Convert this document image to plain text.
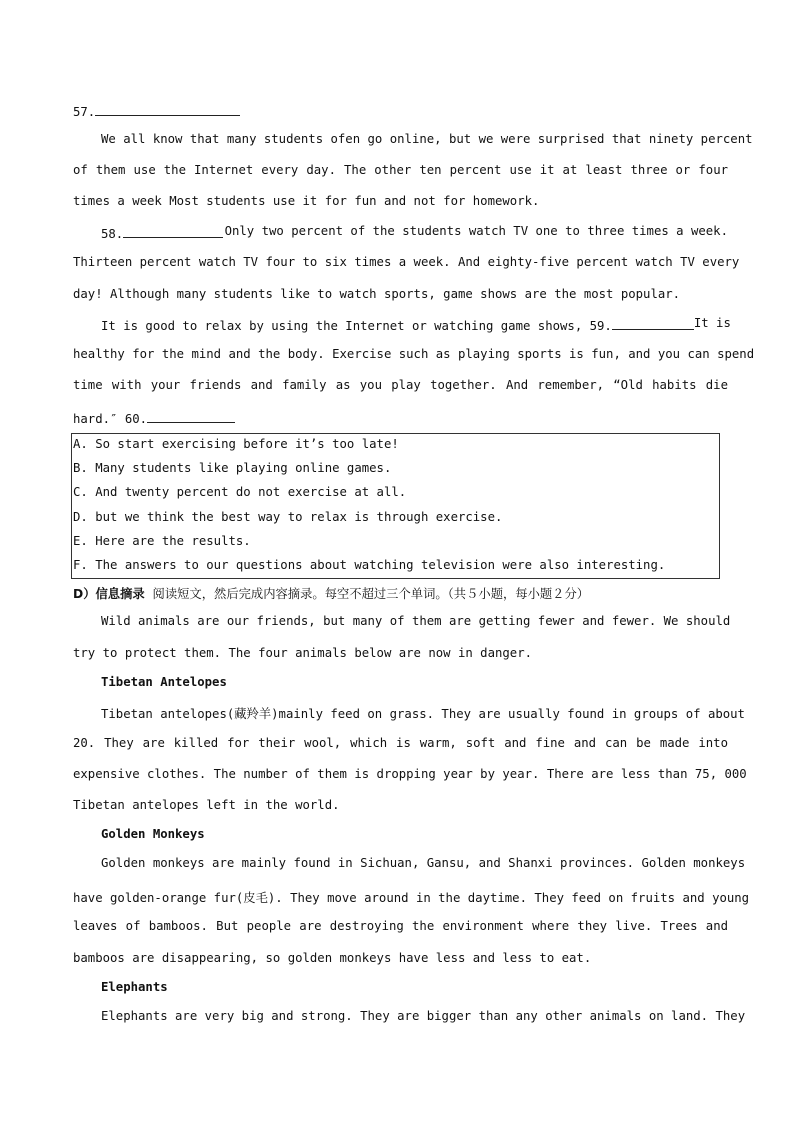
57.
We all know that many students ofen go online, but we were surprised that ninety percent
of them use the Internet every day. The other ten percent use it at least three or four
times a week Most students use it for fun and not for homework.
58.	Only two percent of the students watch TV one to three times a week.
Thirteen percent watch TV four to six times a week. And eighty-five percent watch TV every
day! Although many students like to watch sports, game shows are the most popular.
It is good to relax by using the Internet or watching game shows, 59.	It is
healthy for the mind and the body. Exercise such as playing sports is fun, and you can spend
time with your friends and family as you play together. And remember, “Old habits die
hard.″ 60.
A. So start exercising before it’s too late!
B. Many students like playing online games.
C. And twenty percent do not exercise at all.
D. but we think the best way to relax is through exercise.
E. Here are the results.
F. The answers to our questions about watching television were also interesting.
D）信息摘录 阅读短文，然后完成内容摘录。每空不超过三个单词。（共５小题，每小题２分）
Wild animals are our friends, but many of them are getting fewer and fewer. We should
try to protect them. The four animals below are now in danger.
Tibetan Antelopes
Tibetan antelopes(藏羚羊)mainly feed on grass. They are usually found in groups of about
20. They are killed for their wool, which is warm, soft and fine and can be made into
expensive clothes. The number of them is dropping year by year. There are less than 75, 000
Tibetan antelopes left in the world.
Golden Monkeys
Golden monkeys are mainly found in Sichuan, Gansu, and Shanxi provinces. Golden monkeys
have golden-orange fur(皮毛). They move around in the daytime. They feed on fruits and young
leaves of bamboos. But people are destroying the environment where they live. Trees and
bamboos are disappearing, so golden monkeys have less and less to eat.
Elephants
Elephants are very big and strong. They are bigger than any other animals on land. They
